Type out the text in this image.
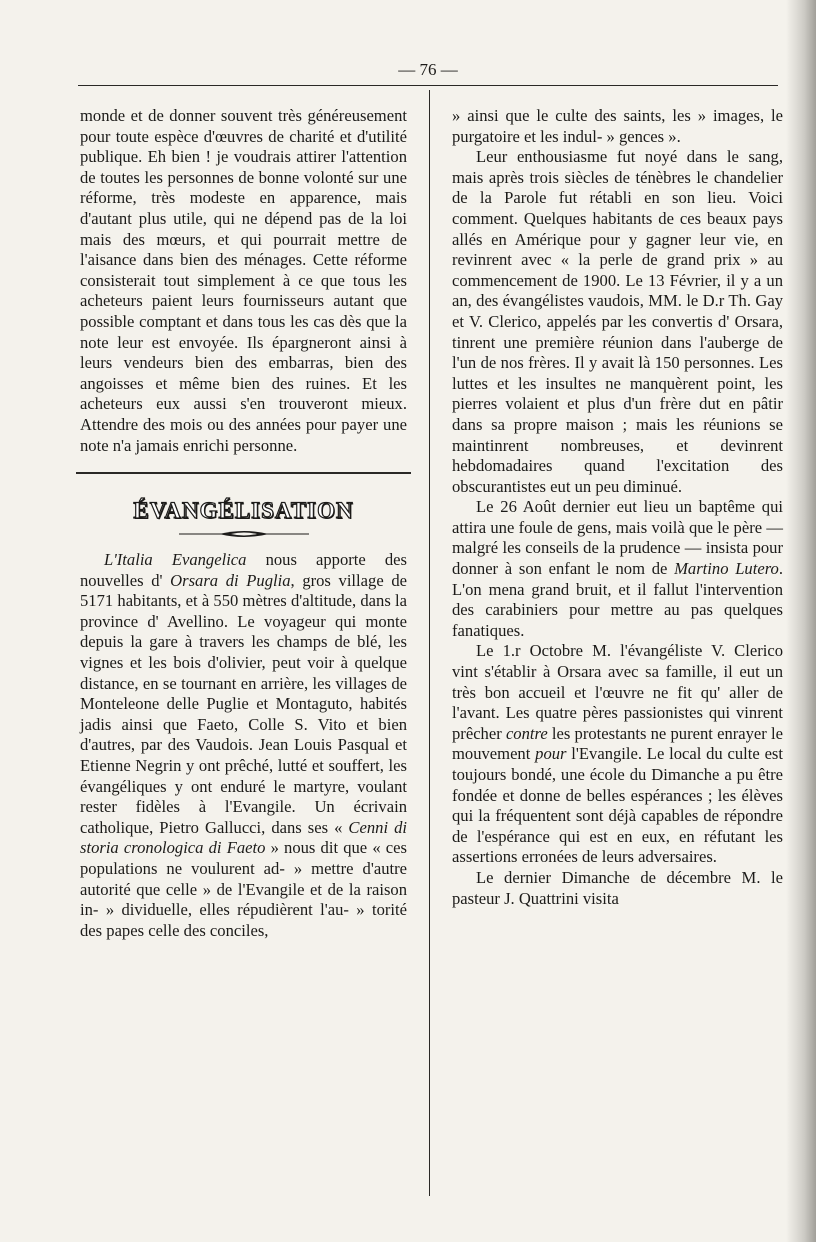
— 76 —

monde et de donner souvent très généreusement pour toute espèce d'œuvres de charité et d'utilité publique. Eh bien ! je voudrais attirer l'attention de toutes les personnes de bonne volonté sur une réforme, très modeste en apparence, mais d'autant plus utile, qui ne dépend pas de la loi mais des mœurs, et qui pourrait mettre de l'aisance dans bien des ménages. Cette réforme consisterait tout simplement à ce que tous les acheteurs paient leurs fournisseurs autant que possible comptant et dans tous les cas dès que la note leur est envoyée. Ils épargneront ainsi à leurs vendeurs bien des embarras, bien des angoisses et même bien des ruines. Et les acheteurs eux aussi s'en trouveront mieux. Attendre des mois ou des années pour payer une note n'a jamais enrichi personne.

ÉVANGÉLISATION

L'Italia Evangelica nous apporte des nouvelles d' Orsara di Puglia, gros village de 5171 habitants, et à 550 mètres d'altitude, dans la province d' Avellino. Le voyageur qui monte depuis la gare à travers les champs de blé, les vignes et les bois d'olivier, peut voir à quelque distance, en se tournant en arrière, les villages de Monteleone delle Puglie et Montaguto, habités jadis ainsi que Faeto, Colle S. Vito et bien d'autres, par des Vaudois. Jean Louis Pasqual et Etienne Negrin y ont prêché, lutté et souffert, les évangéliques y ont enduré le martyre, voulant rester fidèles à l'Evangile. Un écrivain catholique, Pietro Gallucci, dans ses « Cenni di storia cronologica di Faeto » nous dit que « ces populations ne voulurent ad- » mettre d'autre autorité que celle » de l'Evangile et de la raison in- » dividuelle, elles répudièrent l'au- » torité des papes celle des conciles,

» ainsi que le culte des saints, les » images, le purgatoire et les indul- » gences ».

Leur enthousiasme fut noyé dans le sang, mais après trois siècles de ténèbres le chandelier de la Parole fut rétabli en son lieu. Voici comment. Quelques habitants de ces beaux pays allés en Amérique pour y gagner leur vie, en revinrent avec « la perle de grand prix » au commencement de 1900. Le 13 Février, il y a un an, des évangélistes vaudois, MM. le D.r Th. Gay et V. Clerico, appelés par les convertis d' Orsara, tinrent une première réunion dans l'auberge de l'un de nos frères. Il y avait là 150 personnes. Les luttes et les insultes ne manquèrent point, les pierres volaient et plus d'un frère dut en pâtir dans sa propre maison ; mais les réunions se maintinrent nombreuses, et devinrent hebdomadaires quand l'excitation des obscurantistes eut un peu diminué.

Le 26 Août dernier eut lieu un baptême qui attira une foule de gens, mais voilà que le père — malgré les conseils de la prudence — insista pour donner à son enfant le nom de Martino Lutero. L'on mena grand bruit, et il fallut l'intervention des carabiniers pour mettre au pas quelques fanatiques.

Le 1.r Octobre M. l'évangéliste V. Clerico vint s'établir à Orsara avec sa famille, il eut un très bon accueil et l'œuvre ne fit qu' aller de l'avant. Les quatre pères passionistes qui vinrent prêcher contre les protestants ne purent enrayer le mouvement pour l'Evangile. Le local du culte est toujours bondé, une école du Dimanche a pu être fondée et donne de belles espérances ; les élèves qui la fréquentent sont déjà capables de répondre de l'espérance qui est en eux, en réfutant les assertions erronées de leurs adversaires.

Le dernier Dimanche de décembre M. le pasteur J. Quattrini visita
